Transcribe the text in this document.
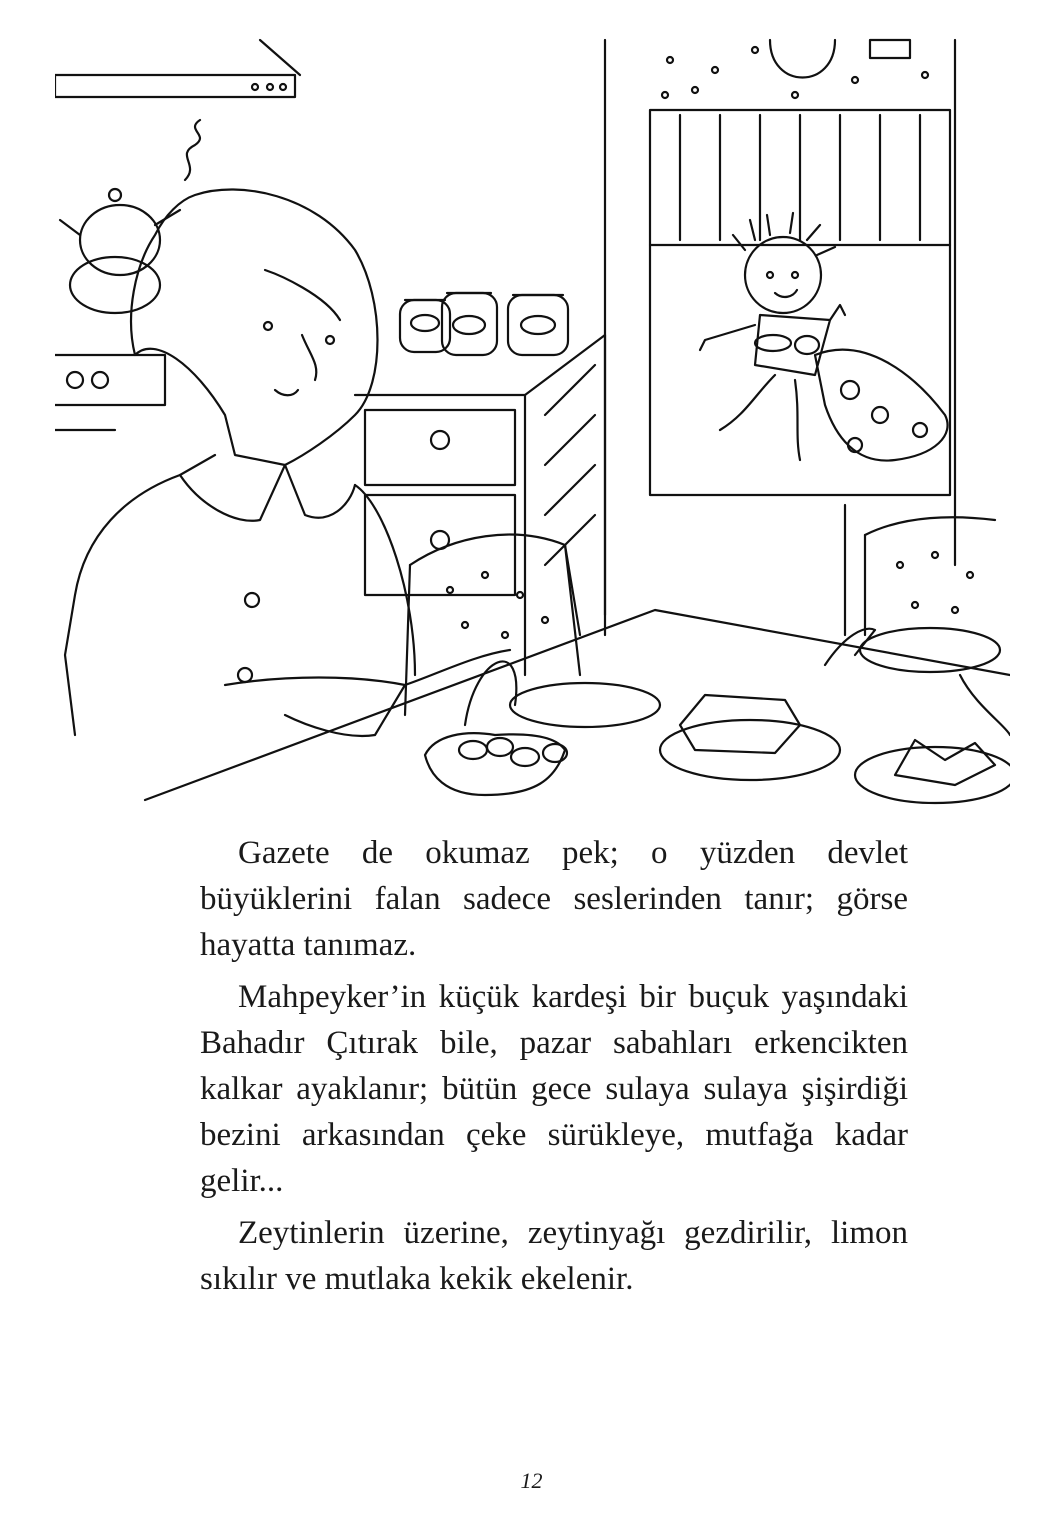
Gazete de okumaz pek; o yüzden devlet büyüklerini falan sadece seslerinden tanır; görse hayatta tanımaz.

Mahpeyker’in küçük kardeşi bir buçuk yaşındaki Bahadır Çıtırak bile, pazar sabahları erkencikten kalkar ayaklanır; bütün gece sulaya sulaya şişirdiği bezini arkasından çeke sürükleye, mutfağa kadar gelir...

Zeytinlerin üzerine, zeytinyağı gezdirilir, limon sıkılır ve mutlaka kekik ekelenir.

12
